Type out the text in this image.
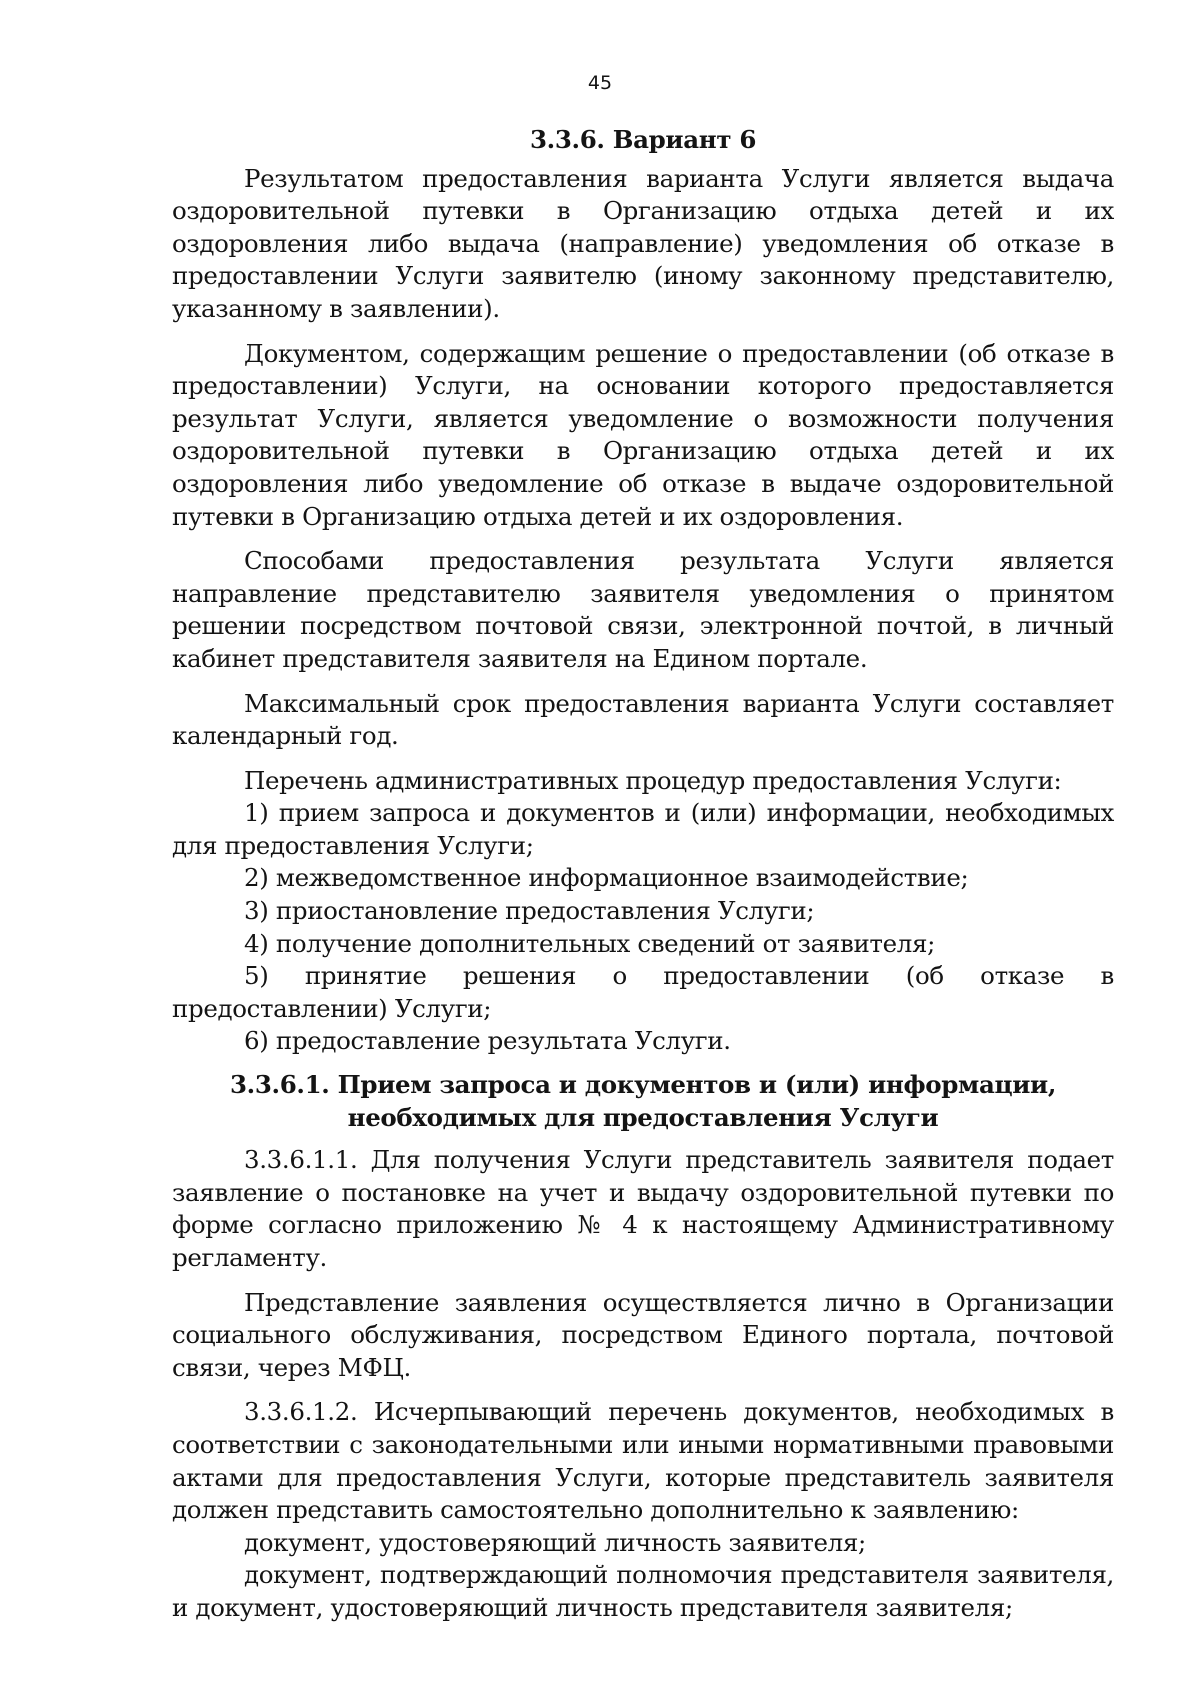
45
3.3.6. Вариант 6

Результатом предоставления варианта Услуги является выдача оздоровительной путевки в Организацию отдыха детей и их оздоровления либо выдача (направление) уведомления об отказе в предоставлении Услуги заявителю (иному законному представителю, указанному в заявлении).

Документом, содержащим решение о предоставлении (об отказе в предоставлении) Услуги, на основании которого предоставляется результат Услуги, является уведомление о возможности получения оздоровительной путевки в Организацию отдыха детей и их оздоровления либо уведомление об отказе в выдаче оздоровительной путевки в Организацию отдыха детей и их оздоровления.

Способами предоставления результата Услуги является направление представителю заявителя уведомления о принятом решении посредством почтовой связи, электронной почтой, в личный кабинет представителя заявителя на Едином портале.

Максимальный срок предоставления варианта Услуги составляет календарный год.

Перечень административных процедур предоставления Услуги:

1) прием запроса и документов и (или) информации, необходимых для предоставления Услуги;

2) межведомственное информационное взаимодействие;

3) приостановление предоставления Услуги;

4) получение дополнительных сведений от заявителя;

5) принятие решения о предоставлении (об отказе в предоставлении) Услуги;

6) предоставление результата Услуги.

3.3.6.1. Прием запроса и документов и (или) информации, необходимых для предоставления Услуги

3.3.6.1.1. Для получения Услуги представитель заявителя подает заявление о постановке на учет и выдачу оздоровительной путевки по форме согласно приложению № 4 к настоящему Административному регламенту.

Представление заявления осуществляется лично в Организации социального обслуживания, посредством Единого портала, почтовой связи, через МФЦ.

3.3.6.1.2. Исчерпывающий перечень документов, необходимых в соответствии с законодательными или иными нормативными правовыми актами для предоставления Услуги, которые представитель заявителя должен представить самостоятельно дополнительно к заявлению:

документ, удостоверяющий личность заявителя;

документ, подтверждающий полномочия представителя заявителя, и документ, удостоверяющий личность представителя заявителя;
